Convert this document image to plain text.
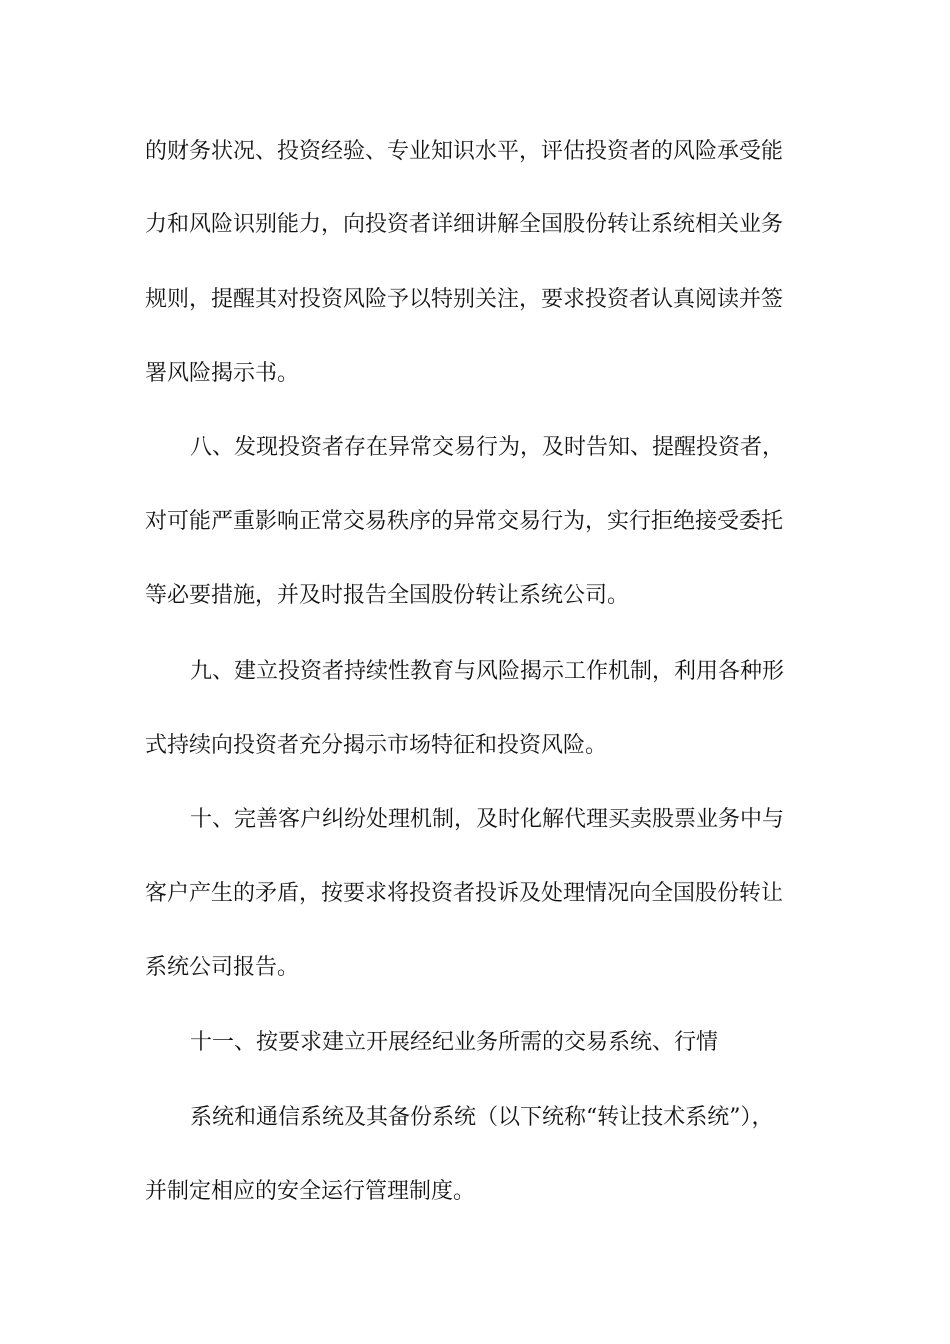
的财务状况、投资经验、专业知识水平，评估投资者的风险承受能
力和风险识别能力，向投资者详细讲解全国股份转让系统相关业务
规则，提醒其对投资风险予以特别关注，要求投资者认真阅读并签
署风险揭示书。
八、发现投资者存在异常交易行为，及时告知、提醒投资者，
对可能严重影响正常交易秩序的异常交易行为，实行拒绝接受委托
等必要措施，并及时报告全国股份转让系统公司。
九、建立投资者持续性教育与风险揭示工作机制，利用各种形
式持续向投资者充分揭示市场特征和投资风险。
十、完善客户纠纷处理机制，及时化解代理买卖股票业务中与
客户产生的矛盾，按要求将投资者投诉及处理情况向全国股份转让
系统公司报告。
十一、按要求建立开展经纪业务所需的交易系统、行情
系统和通信系统及其备份系统（以下统称“转让技术系统”），
并制定相应的安全运行管理制度。
